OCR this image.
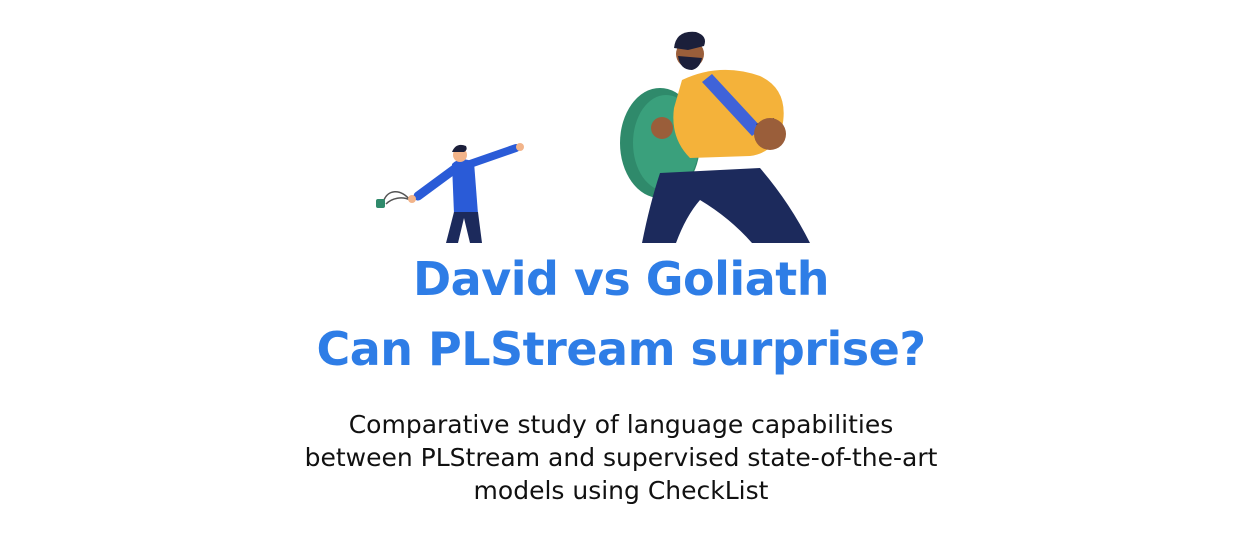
David vs Goliath
Can PLStream surprise?
Comparative study of language capabilities
between PLStream and supervised state-of-the-art
models using CheckList
